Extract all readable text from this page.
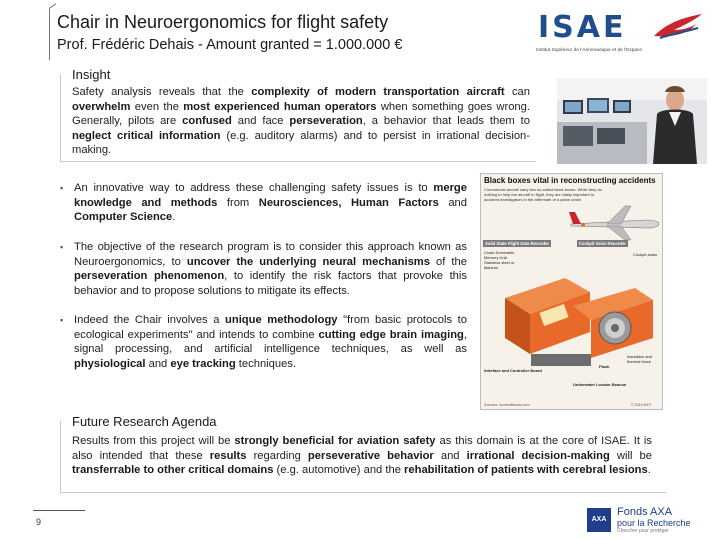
Chair in Neuroergonomics for flight safety
Prof. Frédéric Dehais - Amount granted = 1.000.000 €	ISAE
Institut Supérieur de l'Aéronautique et de l'Espace
Insight
Safety analysis reveals that the complexity of modern transportation aircraft can overwhelm even the most experienced human operators when something goes wrong. Generally, pilots are confused and face perseveration, a behavior that leads them to neglect critical information (e.g. auditory alarms) and to persist in irrational decision-making.
▪ An innovative way to address these challenging safety issues is to merge knowledge and methods from Neurosciences, Human Factors and Computer Science.
▪ The objective of the research program is to consider this approach known as Neuroergonomics, to uncover the underlying neural mechanisms of the perseveration phenomenon, to identify the risk factors that provoke this behavior and to propose solutions to mitigate its effects.
▪ Indeed the Chair involves a unique methodology "from basic protocols to ecological experiments" and intends to combine cutting edge brain imaging, signal processing, and artificial intelligence techniques, as well as physiological and eye tracking techniques.
Black boxes vital in reconstructing accidents
Commercial aircraft carry two so-called black boxes. While they do nothing to help the aircraft in flight, they are vitally important to accident investigators in the aftermath of a plane crash
Solid State Flight Data Recorder	Cockpit Voice Recorder
Crash Survivable Memory Unit: Stainless steel or titanium
Cockpit audio
Insulation and thermal block
Interface and Controller Board
Flash
Underwater Locator Beacon
Sources: howstuffworks.com	© 2014 MCT
Future Research Agenda
Results from this project will be strongly beneficial for aviation safety as this domain is at the core of ISAE. It is also intended that these results regarding perseverative behavior and irrational decision-making will be transferrable to other critical domains (e.g. automotive) and the rehabilitation of patients with cerebral lesions.
9	AXA
Fonds AXA
pour la Recherche
Chercher pour protéger
